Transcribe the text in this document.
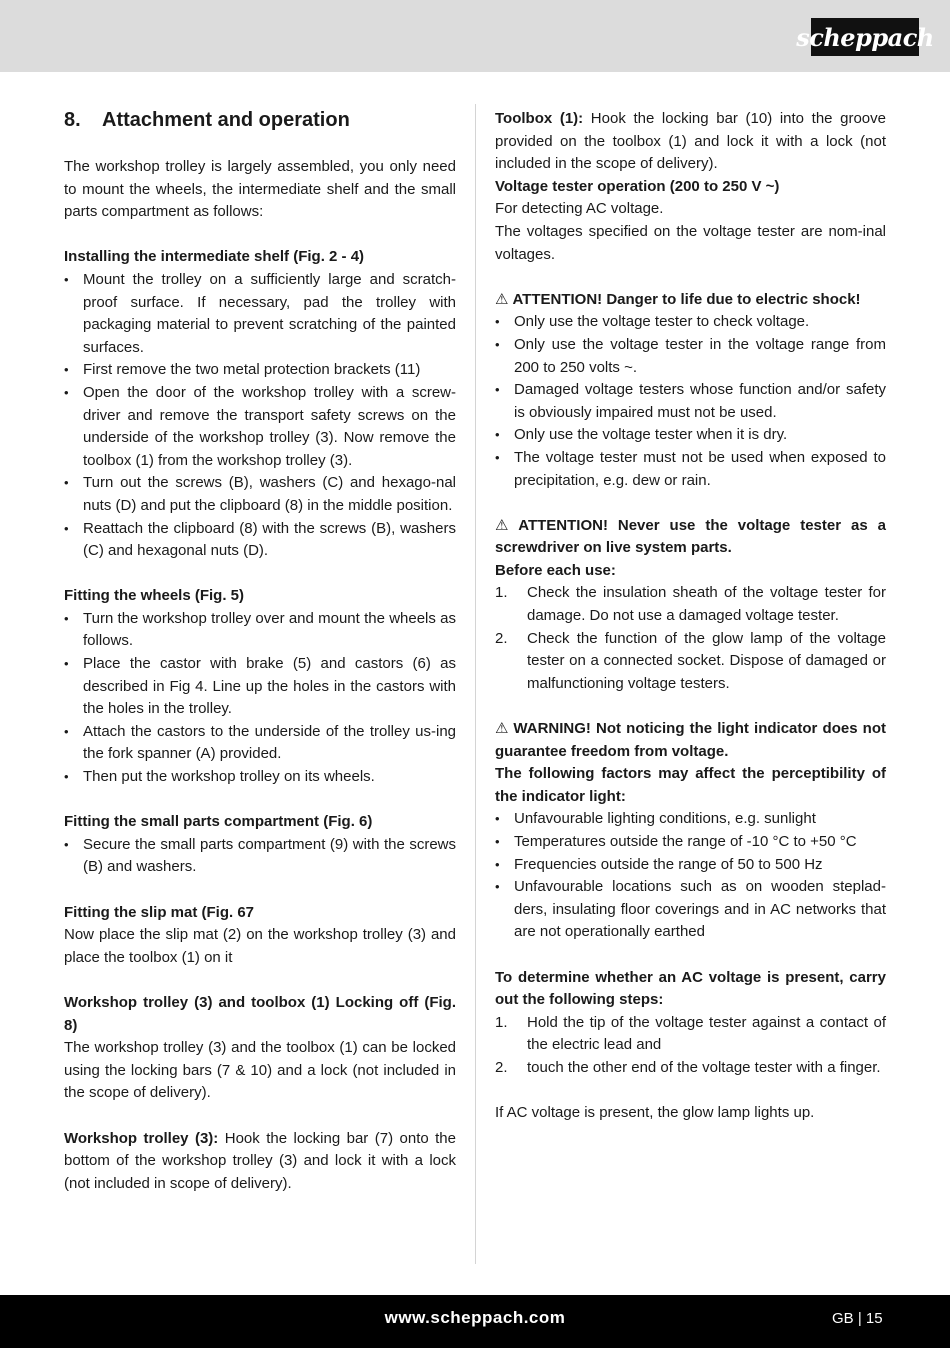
scheppach
8.	Attachment and operation

The workshop trolley is largely assembled, you only need to mount the wheels, the intermediate shelf and the small parts compartment as follows:

Installing the intermediate shelf (Fig. 2 - 4)

• Mount the trolley on a sufficiently large and scratch-proof surface. If necessary, pad the trolley with packaging material to prevent scratching of the painted surfaces.
• First remove the two metal protection brackets (11)
• Open the door of the workshop trolley with a screw-driver and remove the transport safety screws on the underside of the workshop trolley (3). Now remove the toolbox (1) from the workshop trolley (3).
• Turn out the screws (B), washers (C) and hexago-nal nuts (D) and put the clipboard (8) in the middle position.
• Reattach the clipboard (8) with the screws (B), washers (C) and hexagonal nuts (D).

Fitting the wheels (Fig. 5)

• Turn the workshop trolley over and mount the wheels as follows.
• Place the castor with brake (5) and castors (6) as described in Fig 4. Line up the holes in the castors with the holes in the trolley.
• Attach the castors to the underside of the trolley us-ing the fork spanner (A) provided.
• Then put the workshop trolley on its wheels.

Fitting the small parts compartment (Fig. 6)

• Secure the small parts compartment (9) with the screws (B) and washers.

Fitting the slip mat (Fig. 67

Now place the slip mat (2) on the workshop trolley (3) and place the toolbox (1) on it

Workshop trolley (3) and toolbox (1) Locking off (Fig. 8)

The workshop trolley (3) and the toolbox (1) can be locked using the locking bars (7 & 10) and a lock (not included in the scope of delivery).

Workshop trolley (3): Hook the locking bar (7) onto the bottom of the workshop trolley (3) and lock it with a lock (not included in scope of delivery).

Toolbox (1): Hook the locking bar (10) into the groove provided on the toolbox (1) and lock it with a lock (not included in the scope of delivery).

Voltage tester operation (200 to 250 V ~)

For detecting AC voltage.

The voltages specified on the voltage tester are nom-inal voltages.

⚠ ATTENTION! Danger to life due to electric shock!

• Only use the voltage tester to check voltage.
• Only use the voltage tester in the voltage range from 200 to 250 volts ~.
• Damaged voltage testers whose function and/or safety is obviously impaired must not be used.
• Only use the voltage tester when it is dry.
• The voltage tester must not be used when exposed to precipitation, e.g. dew or rain.

⚠ ATTENTION! Never use the voltage tester as a screwdriver on live system parts.

Before each use:

1. Check the insulation sheath of the voltage tester for damage. Do not use a damaged voltage tester.
2. Check the function of the glow lamp of the voltage tester on a connected socket. Dispose of damaged or malfunctioning voltage testers.

⚠ WARNING! Not noticing the light indicator does not guarantee freedom from voltage.

The following factors may affect the perceptibility of the indicator light:

• Unfavourable lighting conditions, e.g. sunlight
• Temperatures outside the range of -10 °C to +50 °C
• Frequencies outside the range of 50 to 500 Hz
• Unfavourable locations such as on wooden steplad-ders, insulating floor coverings and in AC networks that are not operationally earthed

To determine whether an AC voltage is present, carry out the following steps:

1. Hold the tip of the voltage tester against a contact of the electric lead and
2. touch the other end of the voltage tester with a finger.

If AC voltage is present, the glow lamp lights up.

www.scheppach.com	GB | 15
